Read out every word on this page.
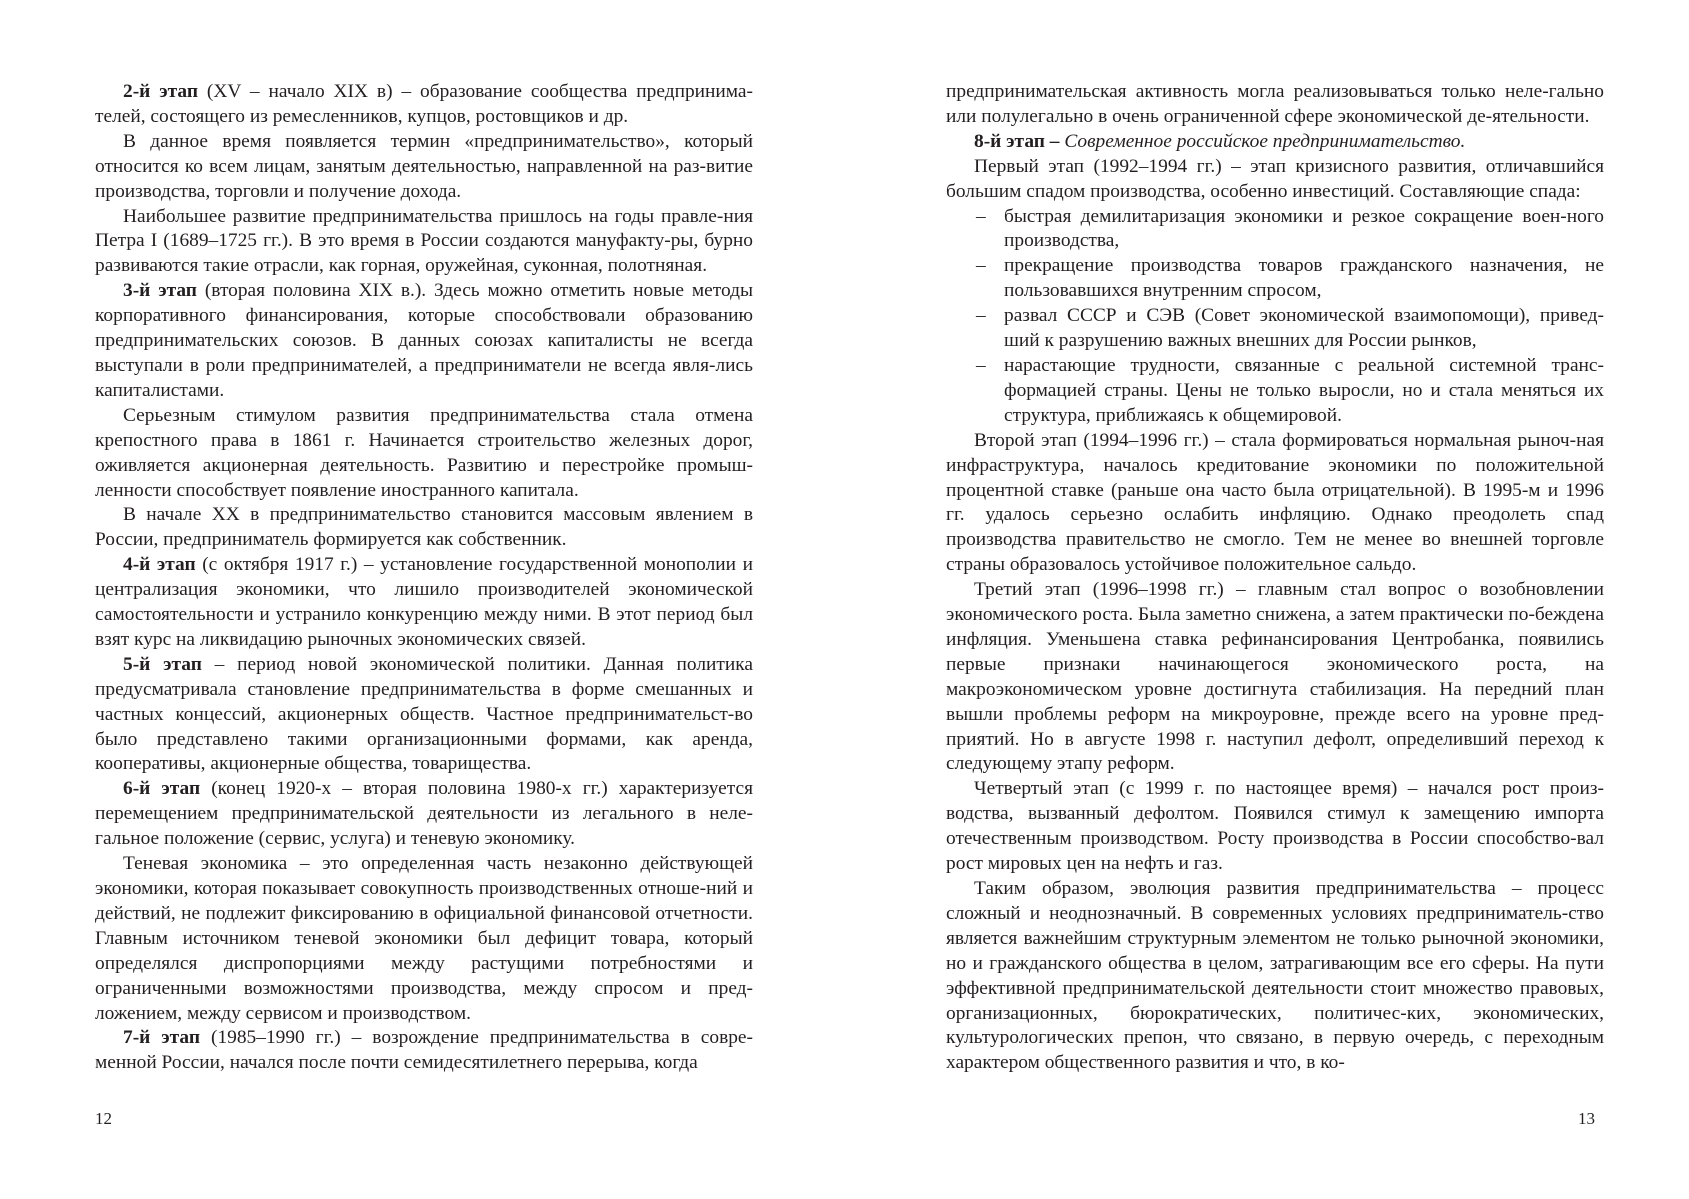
2-й этап (XV – начало XIX в) – образование сообщества предпринима-телей, состоящего из ремесленников, купцов, ростовщиков и др.

В данное время появляется термин «предпринимательство», который относится ко всем лицам, занятым деятельностью, направленной на раз-витие производства, торговли и получение дохода.

Наибольшее развитие предпринимательства пришлось на годы правле-ния Петра I (1689–1725 гг.). В это время в России создаются мануфакту-ры, бурно развиваются такие отрасли, как горная, оружейная, суконная, полотняная.

3-й этап (вторая половина XIX в.). Здесь можно отметить новые методы корпоративного финансирования, которые способствовали образованию предпринимательских союзов. В данных союзах капиталисты не всегда выступали в роли предпринимателей, а предприниматели не всегда явля-лись капиталистами.

Серьезным стимулом развития предпринимательства стала отмена крепостного права в 1861 г. Начинается строительство железных дорог, оживляется акционерная деятельность. Развитию и перестройке промыш-ленности способствует появление иностранного капитала.

В начале XX в предпринимательство становится массовым явлением в России, предприниматель формируется как собственник.

4-й этап (с октября 1917 г.) – установление государственной монополии и централизация экономики, что лишило производителей экономической самостоятельности и устранило конкуренцию между ними. В этот период был взят курс на ликвидацию рыночных экономических связей.

5-й этап – период новой экономической политики. Данная политика предусматривала становление предпринимательства в форме смешанных и частных концессий, акционерных обществ. Частное предпринимательст-во было представлено такими организационными формами, как аренда, кооперативы, акционерные общества, товарищества.

6-й этап (конец 1920-х – вторая половина 1980-х гг.) характеризуется перемещением предпринимательской деятельности из легального в неле-гальное положение (сервис, услуга) и теневую экономику.

Теневая экономика – это определенная часть незаконно действующей экономики, которая показывает совокупность производственных отноше-ний и действий, не подлежит фиксированию в официальной финансовой отчетности. Главным источником теневой экономики был дефицит товара, который определялся диспропорциями между растущими потребностями и ограниченными возможностями производства, между спросом и пред-ложением, между сервисом и производством.

7-й этап (1985–1990 гг.) – возрождение предпринимательства в совре-менной России, начался после почти семидесятилетнего перерыва, когда

12

предпринимательская активность могла реализовываться только неле-гально или полулегально в очень ограниченной сфере экономической де-ятельности.

8-й этап – Современное российское предпринимательство.

Первый этап (1992–1994 гг.) – этап кризисного развития, отличавшийся большим спадом производства, особенно инвестиций. Составляющие спада:

– быстрая демилитаризация экономики и резкое сокращение воен-ного производства,
– прекращение производства товаров гражданского назначения, не пользовавшихся внутренним спросом,
– развал СССР и СЭВ (Совет экономической взаимопомощи), привед-ший к разрушению важных внешних для России рынков,
– нарастающие трудности, связанные с реальной системной транс-формацией страны. Цены не только выросли, но и стала меняться их структура, приближаясь к общемировой.

Второй этап (1994–1996 гг.) – стала формироваться нормальная рыноч-ная инфраструктура, началось кредитование экономики по положительной процентной ставке (раньше она часто была отрицательной). В 1995-м и 1996 гг. удалось серьезно ослабить инфляцию. Однако преодолеть спад производства правительство не смогло. Тем не менее во внешней торговле страны образовалось устойчивое положительное сальдо.

Третий этап (1996–1998 гг.) – главным стал вопрос о возобновлении экономического роста. Была заметно снижена, а затем практически по-беждена инфляция. Уменьшена ставка рефинансирования Центробанка, появились первые признаки начинающегося экономического роста, на макроэкономическом уровне достигнута стабилизация. На передний план вышли проблемы реформ на микроуровне, прежде всего на уровне пред-приятий. Но в августе 1998 г. наступил дефолт, определивший переход к следующему этапу реформ.

Четвертый этап (с 1999 г. по настоящее время) – начался рост произ-водства, вызванный дефолтом. Появился стимул к замещению импорта отечественным производством. Росту производства в России способство-вал рост мировых цен на нефть и газ.

Таким образом, эволюция развития предпринимательства – процесс сложный и неоднозначный. В современных условиях предприниматель-ство является важнейшим структурным элементом не только рыночной экономики, но и гражданского общества в целом, затрагивающим все его сферы. На пути эффективной предпринимательской деятельности стоит множество правовых, организационных, бюрократических, политичес-ких, экономических, культурологических препон, что связано, в первую очередь, с переходным характером общественного развития и что, в ко-

13
